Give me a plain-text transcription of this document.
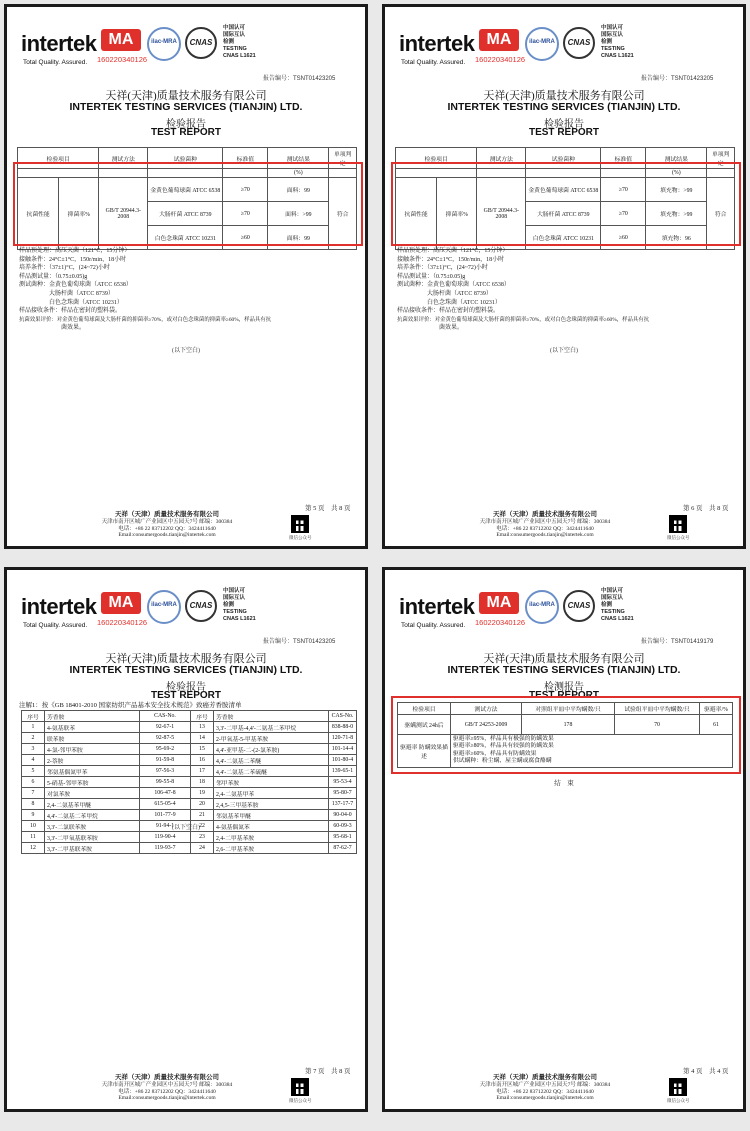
intertek
Total Quality. Assured.
MA
160220340126
ilac-MRA	CNAS
中国认可
国际互认
检测
TESTING
CNAS L1621
报告编号：TSNT01423205
天祥(天津)质量技术服务有限公司
INTERTEK TESTING SERVICES (TIANJIN) LTD.
检验报告
TEST REPORT
检验项目		测试方法	试验菌种	标准值	测试结果	单项判定
					(%)	
抗菌性能	抑菌率%	GB/T 20944.3-2008	金黄色葡萄球菌 ATCC 6538	≥70	面料：99	符合
			大肠杆菌 ATCC 8739	≥70	面料：>99	
			白色念珠菌 ATCC 10231	≥60	面料：99	
样品预处理：高压灭菌（121°C，15分钟）
接触条件：24°C±1°C，150r/min，18小时
培养条件：（37±1)°C，(24~72)小时
样品测试量：（0.75±0.05)g
测试菌种：金黄色葡萄球菌（ATCC 6538）
　　　　　大肠杆菌（ATCC 8739）
　　　　　白色念珠菌（ATCC 10231）
样品接收条件：样品在密封的塑料袋。
抗菌效果评价：对金黄色葡萄球菌及大肠杆菌的抑菌率≥70%，或对白色念珠菌的抑菌率≥60%，样品具有抗
　　　　　　　菌效果。
(以下空白)
第 5 页　共 8 页
天祥（天津）质量技术服务有限公司
天津市南开区城广产业园区中五园天7号 邮编：300384
电话：+86 22 83712202 QQ：3424411640
Email:consumergoods.tianjin@intertek.com	微信公众号
intertek
Total Quality. Assured.
MA
160220340126
ilac-MRA	CNAS
中国认可
国际互认
检测
TESTING
CNAS L1621
报告编号：TSNT01423205
天祥(天津)质量技术服务有限公司
INTERTEK TESTING SERVICES (TIANJIN) LTD.
检验报告
TEST REPORT
检验项目		测试方法	试验菌种	标准值	测试结果	单项判定
					(%)	
抗菌性能	抑菌率%	GB/T 20944.3-2008	金黄色葡萄球菌 ATCC 6538	≥70	填充物：>99	符合
			大肠杆菌 ATCC 8739	≥70	填充物：>99	
			白色念珠菌 ATCC 10231	≥60	填充物：96	
样品预处理：高压灭菌（121°C，15分钟）
接触条件：24°C±1°C，150r/min，18小时
培养条件：（37±1)°C，(24~72)小时
样品测试量：（0.75±0.05)g
测试菌种：金黄色葡萄球菌（ATCC 6538）
　　　　　大肠杆菌（ATCC 8739）
　　　　　白色念珠菌（ATCC 10231）
样品接收条件：样品在密封的塑料袋。
抗菌效果评价：对金黄色葡萄球菌及大肠杆菌的抑菌率≥70%，或对白色念珠菌的抑菌率≥60%，样品具有抗
　　　　　　　菌效果。
(以下空白)
第 6 页　共 8 页
天祥（天津）质量技术服务有限公司
天津市南开区城广产业园区中五园天7号 邮编：300384
电话：+86 22 83712202 QQ：3424411640
Email:consumergoods.tianjin@intertek.com	微信公众号
intertek
Total Quality. Assured.
MA
160220340126
ilac-MRA	CNAS
中国认可
国际互认
检测
TESTING
CNAS L1621
报告编号：TSNT01423205
天祥(天津)质量技术服务有限公司
INTERTEK TESTING SERVICES (TIANJIN) LTD.
检验报告
TEST REPORT
注解1：按《GB 18401-2010 国家纺织产品基本安全技术规范》致癌芳香胺清单
序号	芳香胺	CAS-No.	序号	芳香胺	CAS-No.
1	4-氨基联苯	92-67-1	13	3,3'-二甲基-4,4'-二氨基二苯甲烷	838-88-0
2	联苯胺	92-87-5	14	2-甲氧基-5-甲基苯胺	120-71-8
3	4-氯-邻甲苯胺	95-69-2	15	4,4'-亚甲基-二-(2-氯苯胺)	101-14-4
4	2-萘胺	91-59-8	16	4,4'-二氨基二苯醚	101-80-4
5	邻氨基偶氮甲苯	97-56-3	17	4,4'-二氨基二苯硫醚	139-65-1
6	5-硝基-邻甲苯胺	99-55-8	18	邻甲苯胺	95-53-4
7	对氯苯胺	106-47-8	19	2,4-二氨基甲苯	95-80-7
8	2,4-二氨基苯甲醚	615-05-4	20	2,4,5-三甲基苯胺	137-17-7
9	4,4'-二氨基二苯甲烷	101-77-9	21	邻氨基苯甲醚	90-04-0
10	3,3'-二氯联苯胺	91-94-1	22	4-氨基偶氮苯	60-09-3
11	3,3'-二甲氧基联苯胺	119-90-4	23	2,4-二甲基苯胺	95-68-1
12	3,3'-二甲基联苯胺	119-93-7	24	2,6-二甲基苯胺	87-62-7
(以下空白)
第 7 页　共 8 页
天祥（天津）质量技术服务有限公司
天津市南开区城广产业园区中五园天7号 邮编：300384
电话：+86 22 83712202 QQ：3424411640
Email:consumergoods.tianjin@intertek.com	微信公众号
intertek
Total Quality. Assured.
MA
160220340126
ilac-MRA	CNAS
中国认可
国际互认
检测
TESTING
CNAS L1621
报告编号：TSNT01419179
天祥(天津)质量技术服务有限公司
INTERTEK TESTING SERVICES (TIANJIN) LTD.
检测报告
TEST REPORT
检验项目	测试方法	对照组平皿中平均螨数/只	试验组平皿中平均螨数/只	驱避率/%
驱螨测试 24h后	GB/T 24253-2009	178	70	61
驱避率 防螨效果描述	驱避率≥95%，样品具有极强的防螨效果
驱避率≥80%，样品具有较强的防螨效果
驱避率≥60%，样品具有防螨效果
供试螨种：粉尘螨、屋尘螨或腐食酪螨			
结　束
第 4 页　共 4 页
天祥（天津）质量技术服务有限公司
天津市南开区城广产业园区中五园天7号 邮编：300384
电话：+86 22 83712202 QQ：3424411640
Email:consumergoods.tianjin@intertek.com	微信公众号
